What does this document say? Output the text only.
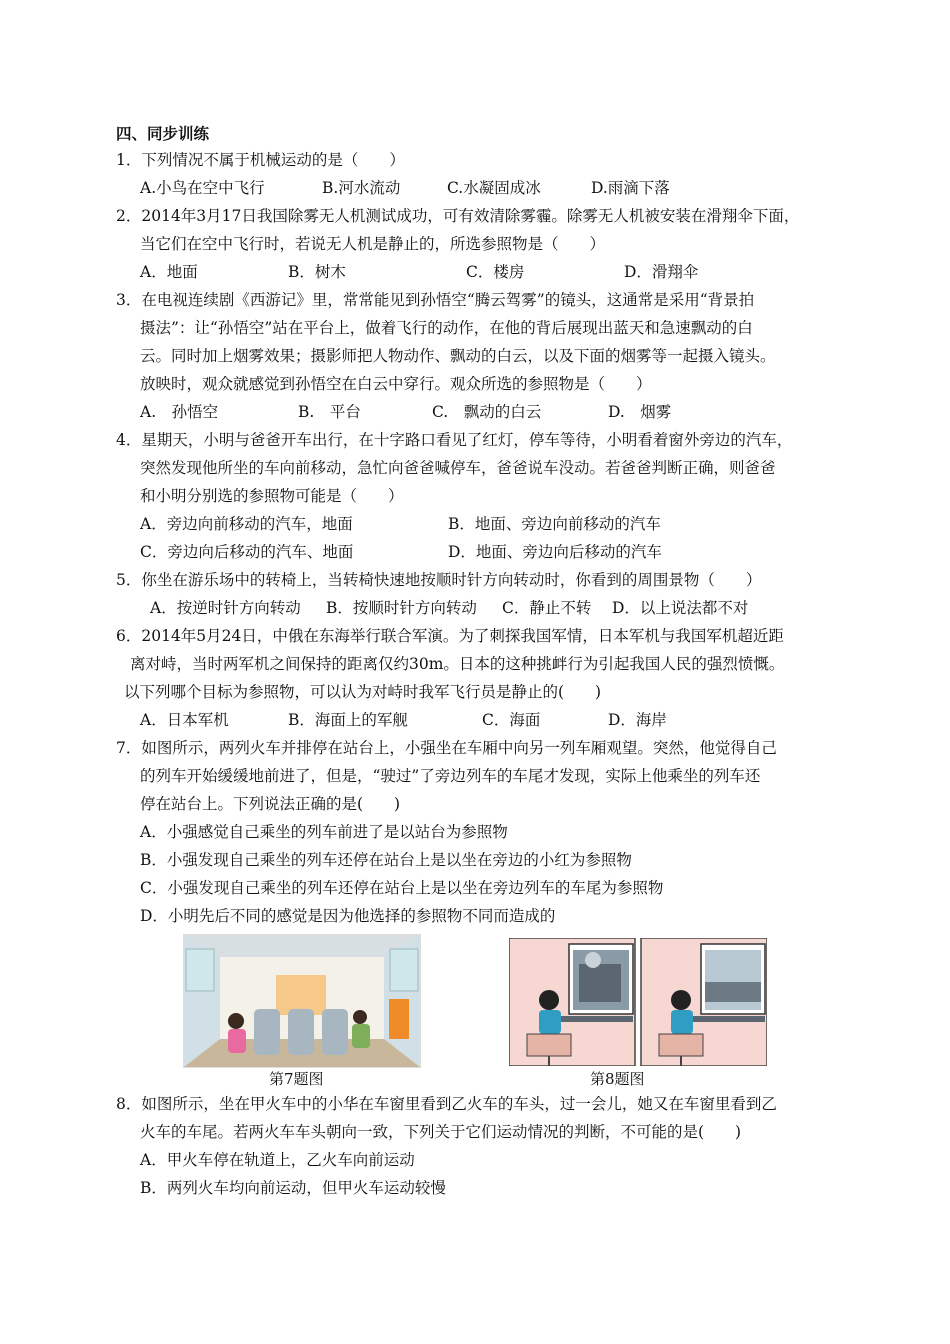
四、同步训练
1．下列情况不属于机械运动的是（　　）
A.小鸟在空中飞行	B.河水流动	C.水凝固成冰	D.雨滴下落
2．2014年3月17日我国除雾无人机测试成功，可有效清除雾霾。除雾无人机被安装在滑翔伞下面，
当它们在空中飞行时，若说无人机是静止的，所选参照物是（　　）
A．地面	B．树木	C．楼房	D．滑翔伞
3．在电视连续剧《西游记》里，常常能见到孙悟空“腾云驾雾”的镜头，这通常是采用“背景拍
摄法”：让“孙悟空”站在平台上，做着飞行的动作，在他的背后展现出蓝天和急速飘动的白
云。同时加上烟雾效果；摄影师把人物动作、飘动的白云，以及下面的烟雾等一起摄入镜头。
放映时，观众就感觉到孙悟空在白云中穿行。观众所选的参照物是（　　）
A.　孙悟空	B.　平台	C.　飘动的白云	D.　烟雾
4．星期天，小明与爸爸开车出行，在十字路口看见了红灯，停车等待，小明看着窗外旁边的汽车，
突然发现他所坐的车向前移动，急忙向爸爸喊停车，爸爸说车没动。若爸爸判断正确，则爸爸
和小明分别选的参照物可能是（　　）
A．旁边向前移动的汽车，地面	B．地面、旁边向前移动的汽车
C．旁边向后移动的汽车、地面	D．地面、旁边向后移动的汽车
5．你坐在游乐场中的转椅上，当转椅快速地按顺时针方向转动时，你看到的周围景物（　　）
A．按逆时针方向转动 B．按顺时针方向转动 C．静止不转 D．以上说法都不对
6．2014年5月24日，中俄在东海举行联合军演。为了刺探我国军情，日本军机与我国军机超近距
离对峙，当时两军机之间保持的距离仅约30m。日本的这种挑衅行为引起我国人民的强烈愤慨。
以下列哪个目标为参照物，可以认为对峙时我军飞行员是静止的(　　)
A．日本军机	B．海面上的军舰	C．海面	D．海岸
7．如图所示，两列火车并排停在站台上，小强坐在车厢中向另一列车厢观望。突然，他觉得自己
的列车开始缓缓地前进了，但是，“驶过”了旁边列车的车尾才发现，实际上他乘坐的列车还
停在站台上。下列说法正确的是(　　)
A．小强感觉自己乘坐的列车前进了是以站台为参照物
B．小强发现自己乘坐的列车还停在站台上是以坐在旁边的小红为参照物
C．小强发现自己乘坐的列车还停在站台上是以坐在旁边列车的车尾为参照物
D．小明先后不同的感觉是因为他选择的参照物不同而造成的
第7题图	第8题图
8．如图所示，坐在甲火车中的小华在车窗里看到乙火车的车头，过一会儿，她又在车窗里看到乙
火车的车尾。若两火车车头朝向一致，下列关于它们运动情况的判断，不可能的是(　　)
A．甲火车停在轨道上，乙火车向前运动
B．两列火车均向前运动，但甲火车运动较慢
